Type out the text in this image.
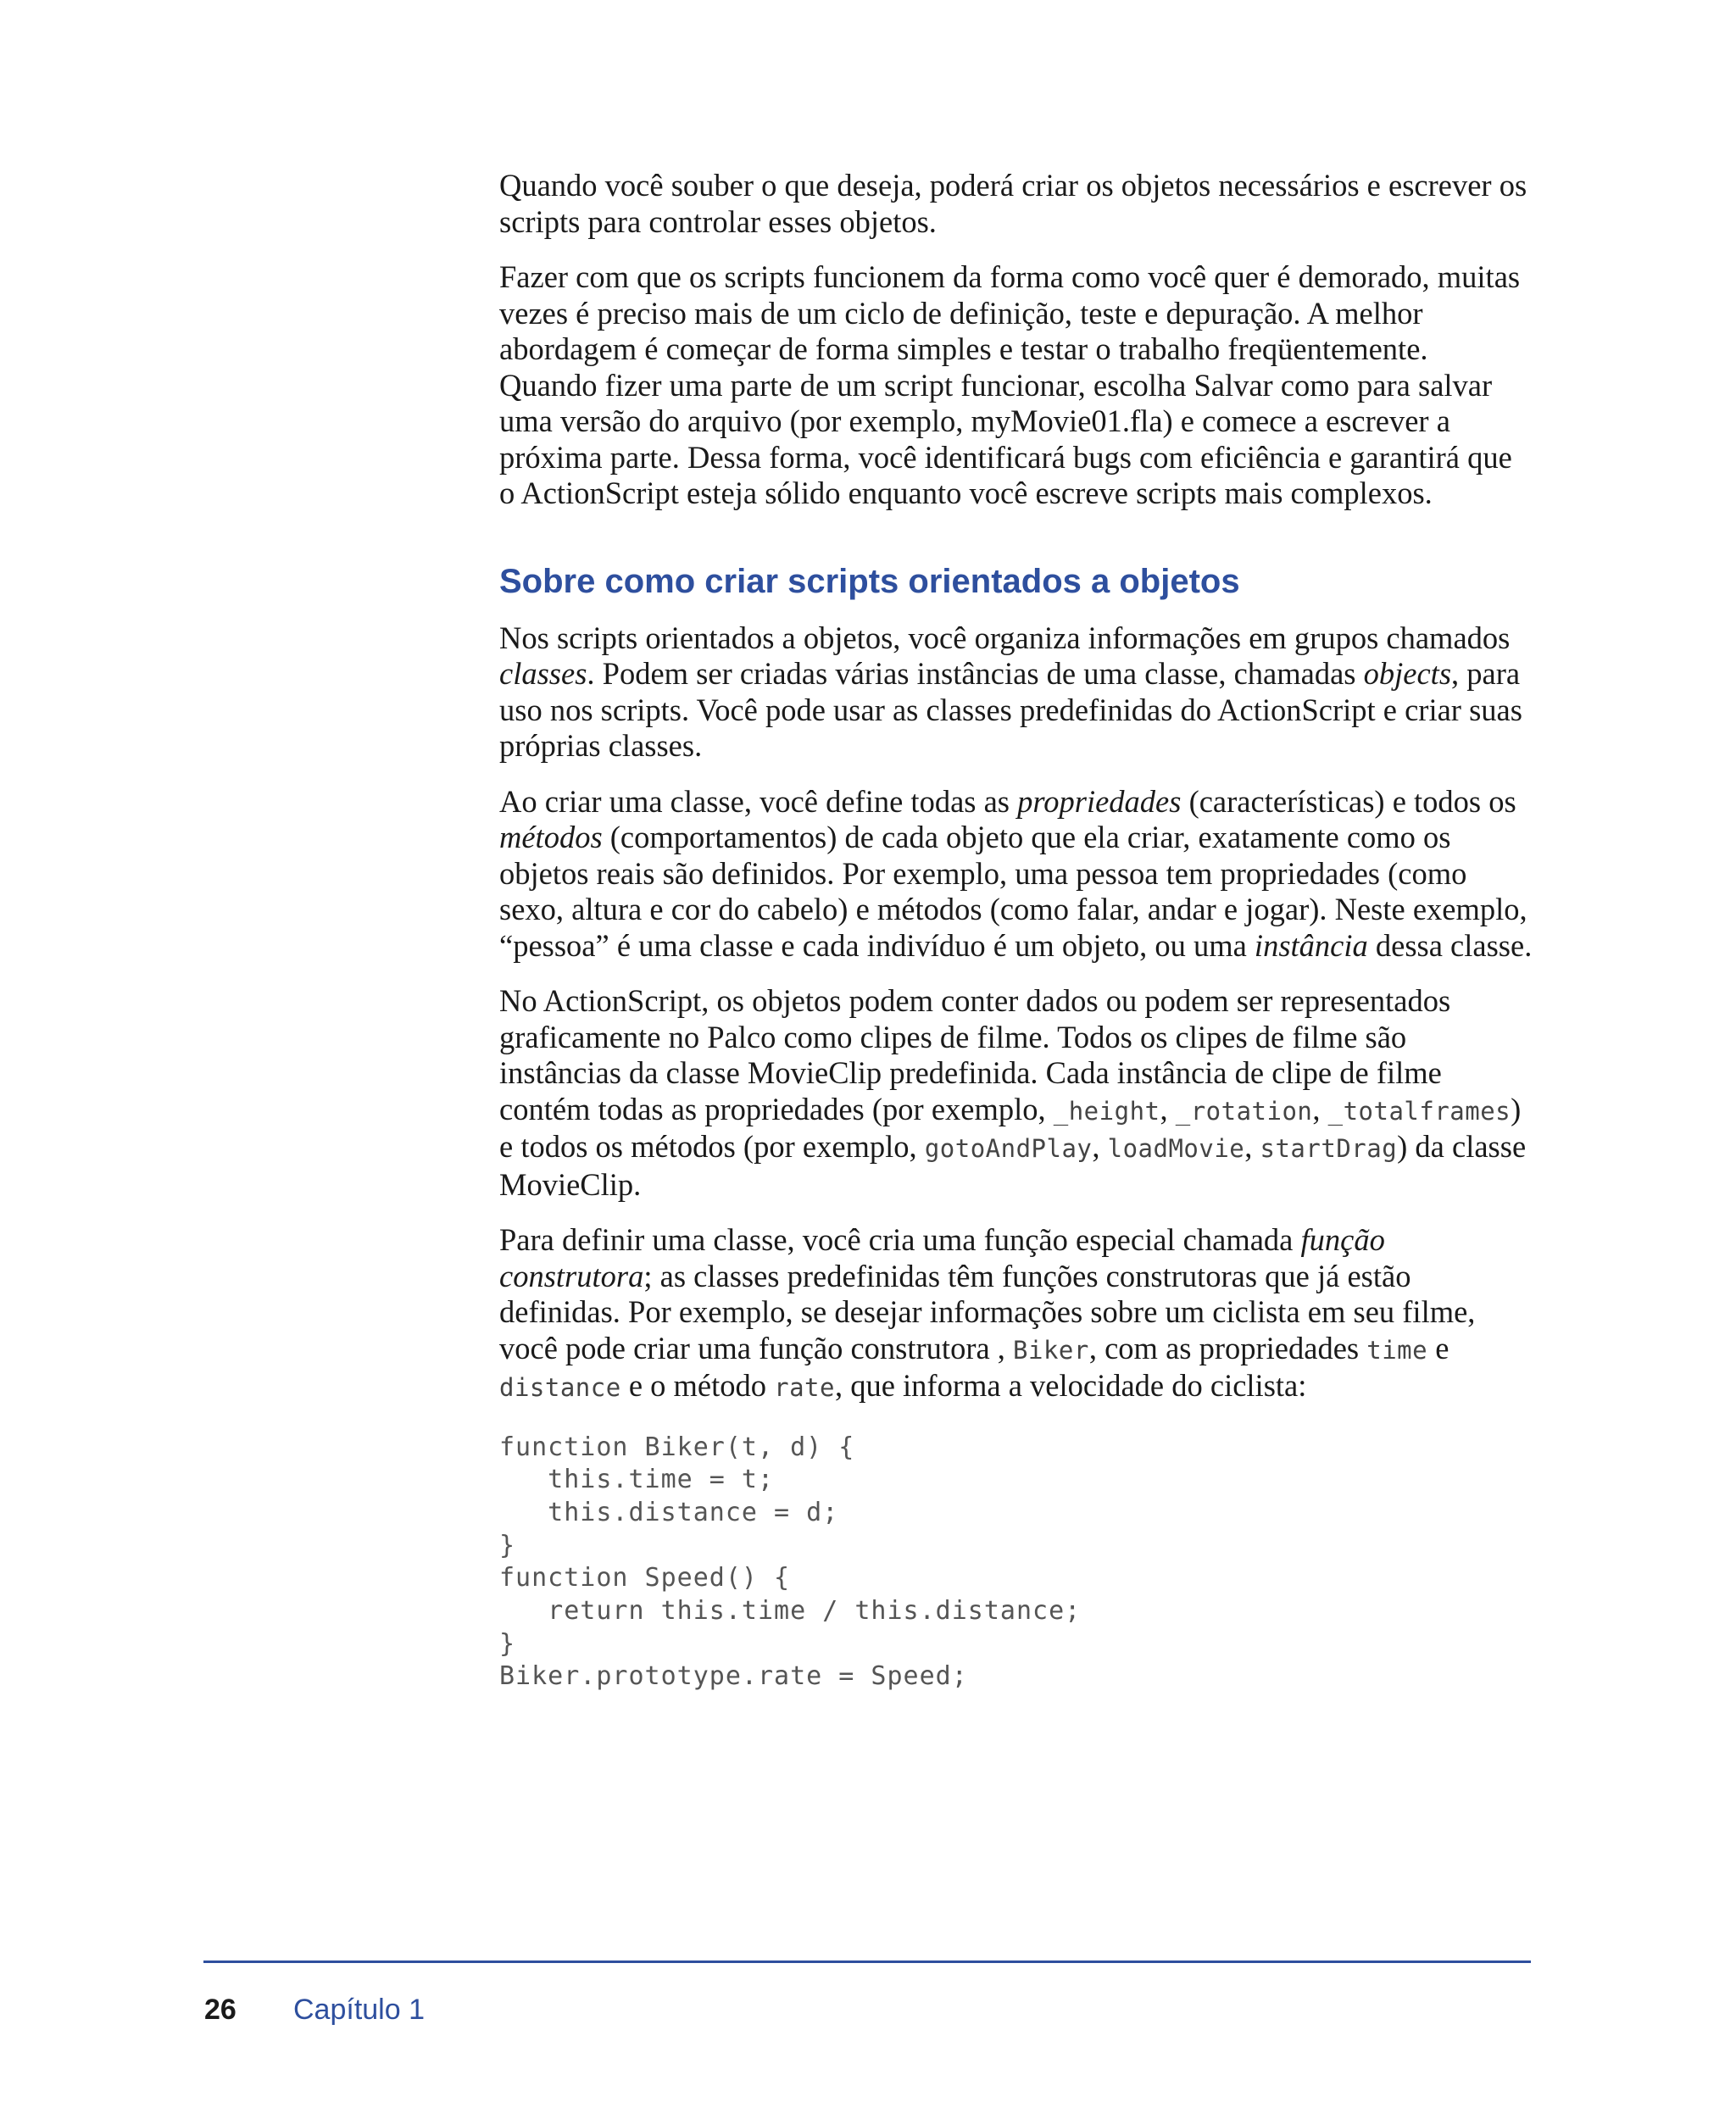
Quando você souber o que deseja, poderá criar os objetos necessários e escrever os scripts para controlar esses objetos.

Fazer com que os scripts funcionem da forma como você quer é demorado, muitas vezes é preciso mais de um ciclo de definição, teste e depuração. A melhor abordagem é começar de forma simples e testar o trabalho freqüentemente. Quando fizer uma parte de um script funcionar, escolha Salvar como para salvar uma versão do arquivo (por exemplo, myMovie01.fla) e comece a escrever a próxima parte. Dessa forma, você identificará bugs com eficiência e garantirá que o ActionScript esteja sólido enquanto você escreve scripts mais complexos.

Sobre como criar scripts orientados a objetos

Nos scripts orientados a objetos, você organiza informações em grupos chamados classes. Podem ser criadas várias instâncias de uma classe, chamadas objects, para uso nos scripts. Você pode usar as classes predefinidas do ActionScript e criar suas próprias classes.

Ao criar uma classe, você define todas as propriedades (características) e todos os métodos (comportamentos) de cada objeto que ela criar, exatamente como os objetos reais são definidos. Por exemplo, uma pessoa tem propriedades (como sexo, altura e cor do cabelo) e métodos (como falar, andar e jogar). Neste exemplo, “pessoa” é uma classe e cada indivíduo é um objeto, ou uma instância dessa classe.

No ActionScript, os objetos podem conter dados ou podem ser representados graficamente no Palco como clipes de filme. Todos os clipes de filme são instâncias da classe MovieClip predefinida. Cada instância de clipe de filme contém todas as propriedades (por exemplo, _height, _rotation, _totalframes) e todos os métodos (por exemplo, gotoAndPlay, loadMovie, startDrag) da classe MovieClip.

Para definir uma classe, você cria uma função especial chamada função construtora; as classes predefinidas têm funções construtoras que já estão definidas. Por exemplo, se desejar informações sobre um ciclista em seu filme, você pode criar uma função construtora , Biker, com as propriedades time e distance e o método rate, que informa a velocidade do ciclista:

function Biker(t, d) {
this.time = t;
this.distance = d;
}
function Speed() {
return this.time / this.distance;
}
Biker.prototype.rate = Speed;
26 Capítulo 1
